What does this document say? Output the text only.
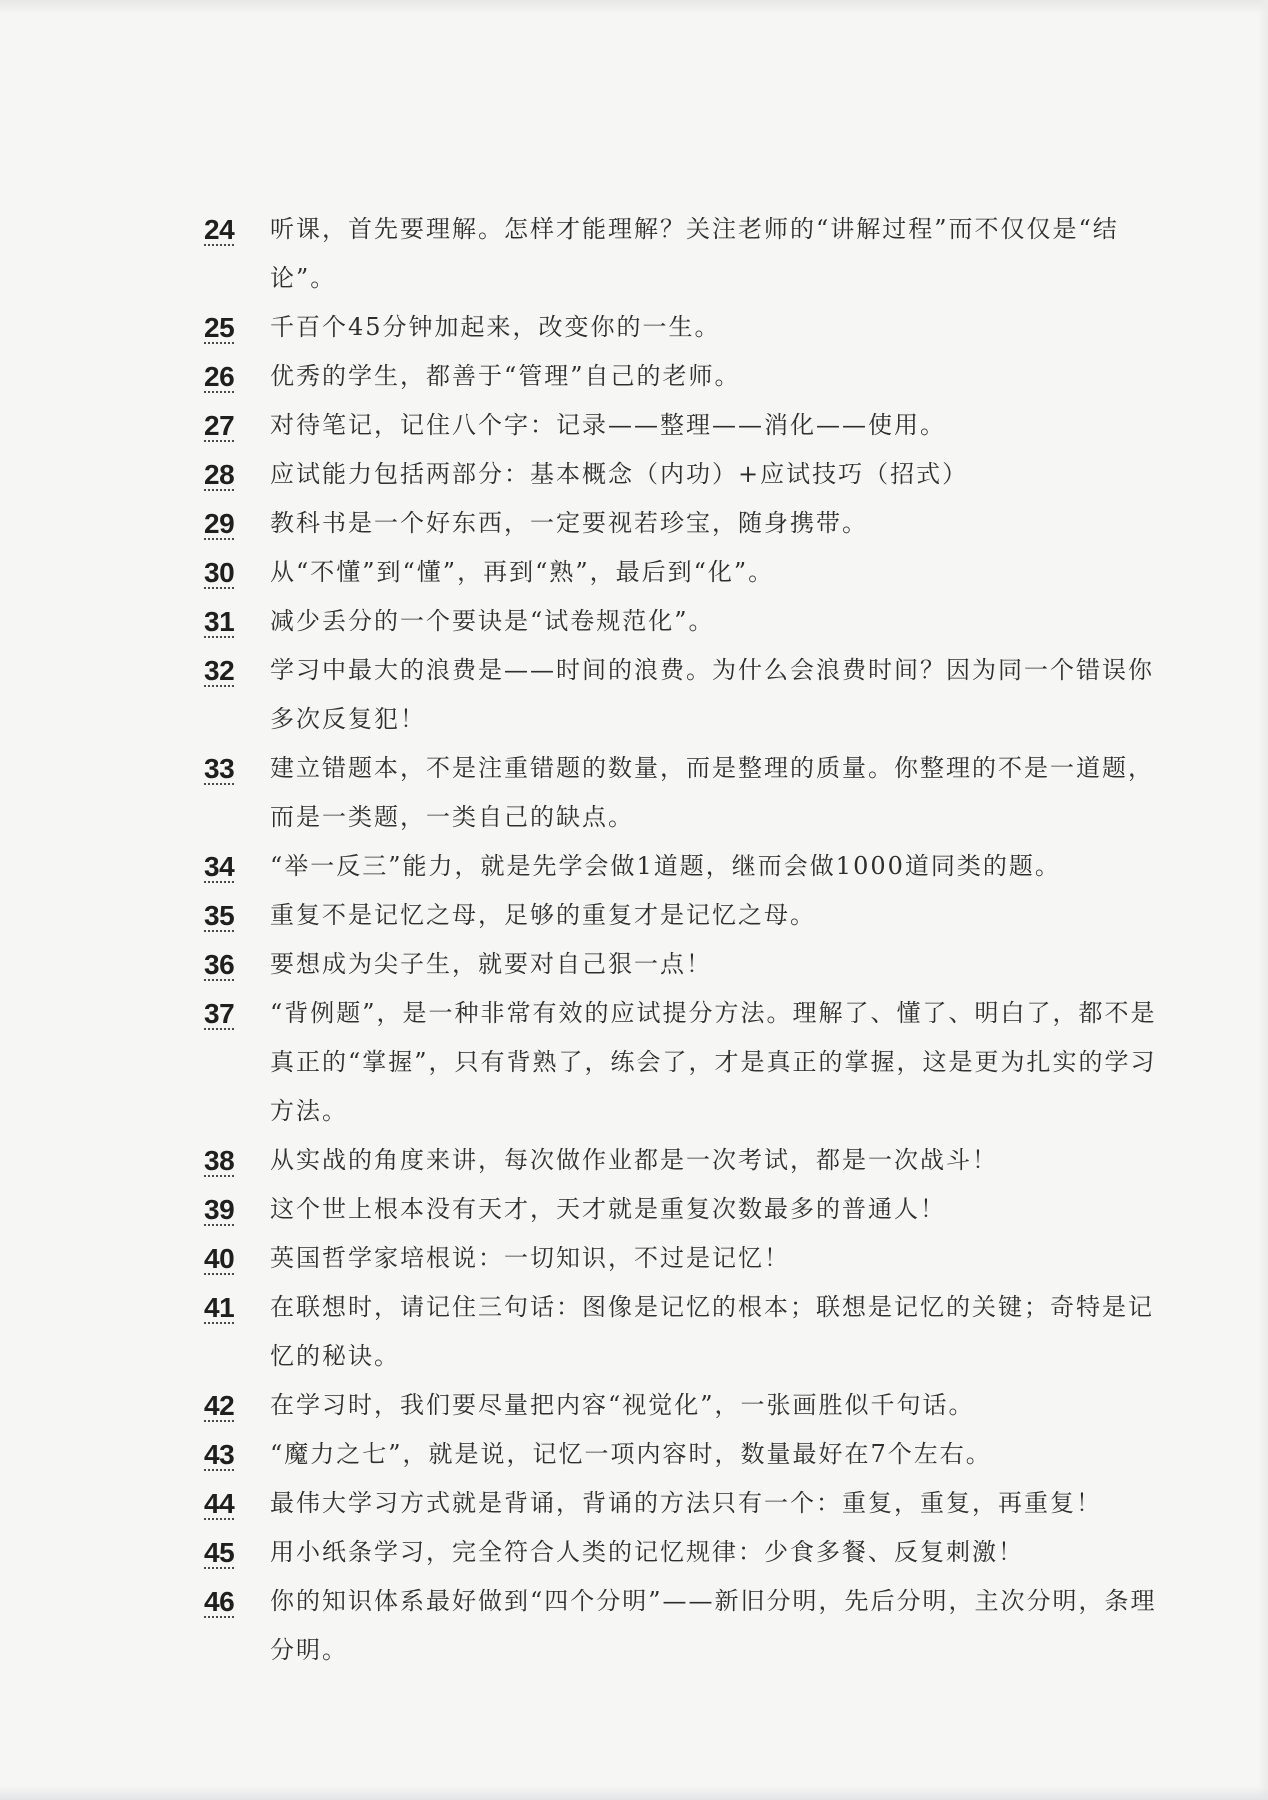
24	听课，首先要理解。怎样才能理解？关注老师的“讲解过程”而不仅仅是“结论”。
25	千百个45分钟加起来，改变你的一生。
26	优秀的学生，都善于“管理”自己的老师。
27	对待笔记，记住八个字：记录——整理——消化——使用。
28	应试能力包括两部分：基本概念（内功）+应试技巧（招式）
29	教科书是一个好东西，一定要视若珍宝，随身携带。
30	从“不懂”到“懂”，再到“熟”，最后到“化”。
31	减少丢分的一个要诀是“试卷规范化”。
32	学习中最大的浪费是——时间的浪费。为什么会浪费时间？因为同一个错误你多次反复犯！
33	建立错题本，不是注重错题的数量，而是整理的质量。你整理的不是一道题，而是一类题，一类自己的缺点。
34	“举一反三”能力，就是先学会做1道题，继而会做1000道同类的题。
35	重复不是记忆之母，足够的重复才是记忆之母。
36	要想成为尖子生，就要对自己狠一点！
37	“背例题”，是一种非常有效的应试提分方法。理解了、懂了、明白了，都不是真正的“掌握”，只有背熟了，练会了，才是真正的掌握，这是更为扎实的学习方法。
38	从实战的角度来讲，每次做作业都是一次考试，都是一次战斗！
39	这个世上根本没有天才，天才就是重复次数最多的普通人！
40	英国哲学家培根说：一切知识，不过是记忆！
41	在联想时，请记住三句话：图像是记忆的根本；联想是记忆的关键；奇特是记忆的秘诀。
42	在学习时，我们要尽量把内容“视觉化”，一张画胜似千句话。
43	“魔力之七”，就是说，记忆一项内容时，数量最好在7个左右。
44	最伟大学习方式就是背诵，背诵的方法只有一个：重复，重复，再重复！
45	用小纸条学习，完全符合人类的记忆规律：少食多餐、反复刺激！
46	你的知识体系最好做到“四个分明”——新旧分明，先后分明，主次分明，条理分明。
